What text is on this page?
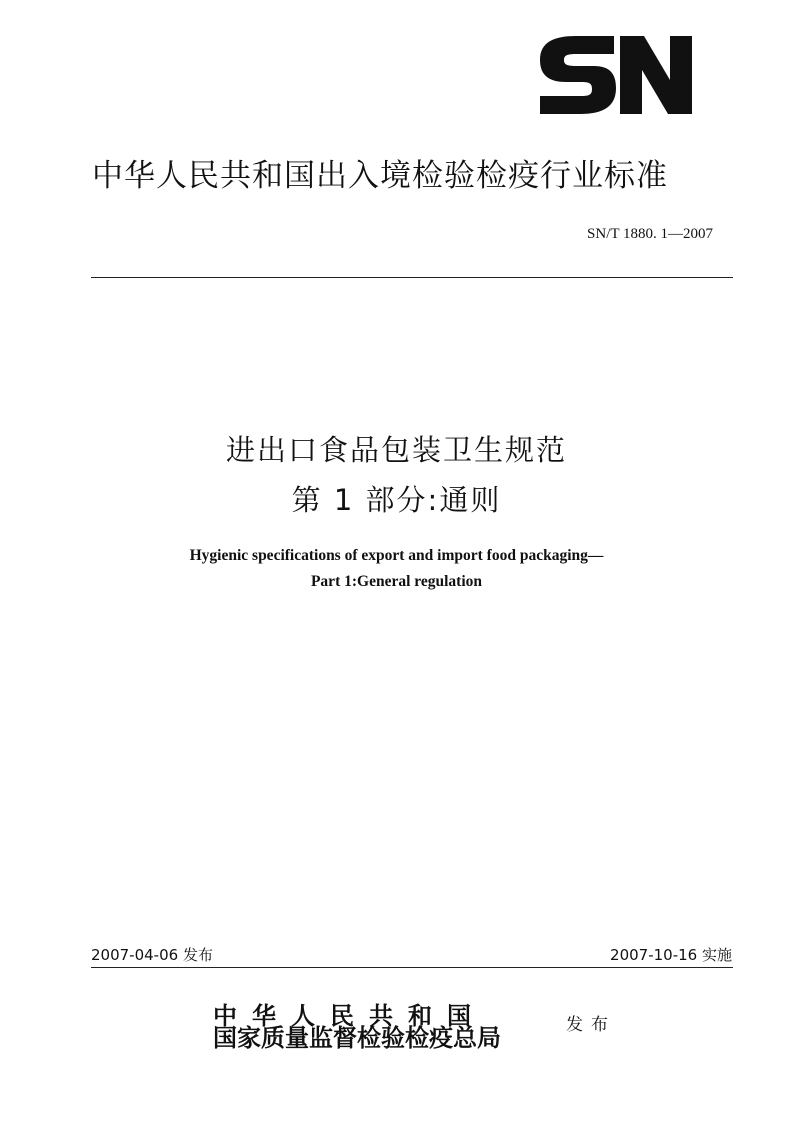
中华人民共和国出入境检验检疫行业标准
SN/T 1880. 1—2007
进出口食品包装卫生规范
第 1 部分:通则
Hygienic specifications of export and import food packaging—
Part 1:General regulation
2007-04-06 发布	2007-10-16 实施
中华人民共和国
国家质量监督检验检疫总局	发布
